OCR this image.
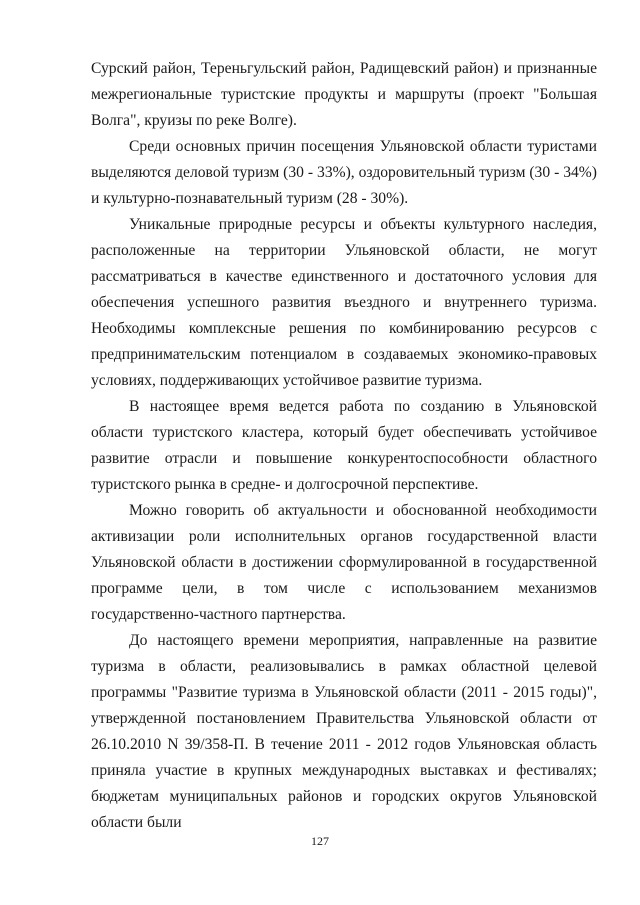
Сурский район, Тереньгульский район, Радищевский район) и признанные межрегиональные туристские продукты и маршруты (проект "Большая Волга", круизы по реке Волге).

Среди основных причин посещения Ульяновской области туристами выделяются деловой туризм (30 - 33%), оздоровительный туризм (30 - 34%) и культурно-познавательный туризм (28 - 30%).

Уникальные природные ресурсы и объекты культурного наследия, расположенные на территории Ульяновской области, не могут рассматриваться в качестве единственного и достаточного условия для обеспечения успешного развития въездного и внутреннего туризма. Необходимы комплексные решения по комбинированию ресурсов с предпринимательским потенциалом в создаваемых экономико-правовых условиях, поддерживающих устойчивое развитие туризма.

В настоящее время ведется работа по созданию в Ульяновской области туристского кластера, который будет обеспечивать устойчивое развитие отрасли и повышение конкурентоспособности областного туристского рынка в средне- и долгосрочной перспективе.

Можно говорить об актуальности и обоснованной необходимости активизации роли исполнительных органов государственной власти Ульяновской области в достижении сформулированной в государственной программе цели, в том числе с использованием механизмов государственно-частного партнерства.

До настоящего времени мероприятия, направленные на развитие туризма в области, реализовывались в рамках областной целевой программы "Развитие туризма в Ульяновской области (2011 - 2015 годы)", утвержденной постановлением Правительства Ульяновской области от 26.10.2010 N 39/358-П. В течение 2011 - 2012 годов Ульяновская область приняла участие в крупных международных выставках и фестивалях; бюджетам муниципальных районов и городских округов Ульяновской области были

127
